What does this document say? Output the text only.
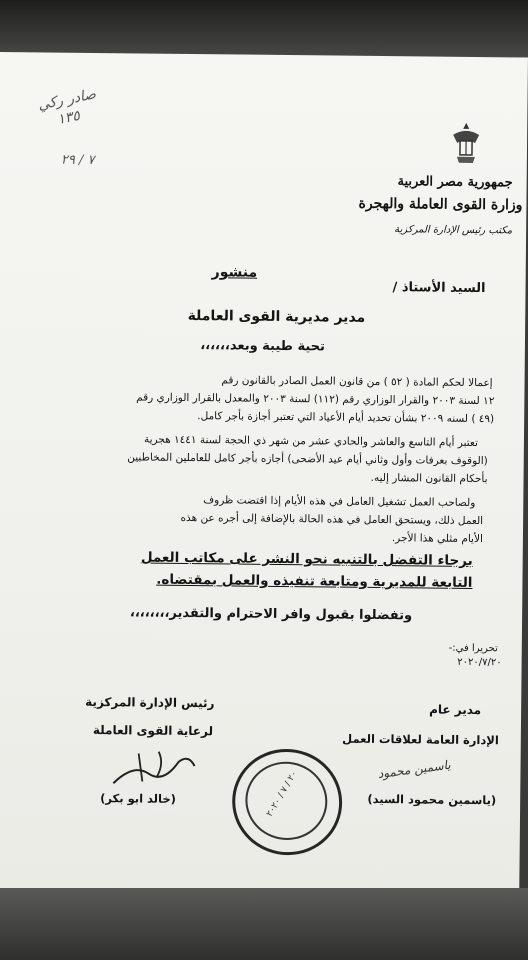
صادر ركي
١٣٥
٧ / ٢٩
جمهورية مصر العربية
وزارة القوى العاملة والهجرة
مكتب رئيس الإدارة المركزية
منشور
السيد الأستاذ /
مدير مديرية القوى العاملة
تحية طيبة وبعد،،،،،،
إعمالا لحكم المادة ( ٥٢ ) من قانون العمل الصادر بالقانون رقم
١٢ لسنة ٢٠٠٣ والقرار الوزاري رقم (١١٢) لسنة ٢٠٠٣ والمعدل بالقرار الوزاري رقم
(٤٩ ) لسنه ٢٠٠٩ بشأن تحديد أيام الأعياد التي تعتبر أجازة بأجر كامل.
تعتبر أيام التاسع والعاشر والحادي عشر من شهر ذي الحجة لسنة ١٤٤١ هجرية
(الوقوف بعرفات وأول وثاني أيام عيد الأضحى) أجازه بأجر كامل للعاملين المخاطبين
بأحكام القانون المشار إليه.
ولصاحب العمل تشغيل العامل في هذه الأيام إذا اقتضت ظروف
العمل ذلك، ويستحق العامل في هذه الحالة بالإضافة إلى أجره عن هذه
الأيام مثلي هذا الأجر.
برجاء التفضل بالتنبيه نحو النشر على مكاتب العمل
التابعة للمديرية ومتابعة تنفيذه والعمل بمقتضاه.
وتفضلوا بقبول وافر الاحترام والتقدير،،،،،،،،
تحريرا في:-
٢٠٢٠/٧/٢٠
مدير عام
الإدارة العامة لعلاقات العمل
ياسمين محمود
(ياسمين محمود السيد)
رئيس الإدارة المركزية
لرعاية القوى العاملة
(خالد ابو بكر)	٢٠ / ٧ / ٢٠٢٠
